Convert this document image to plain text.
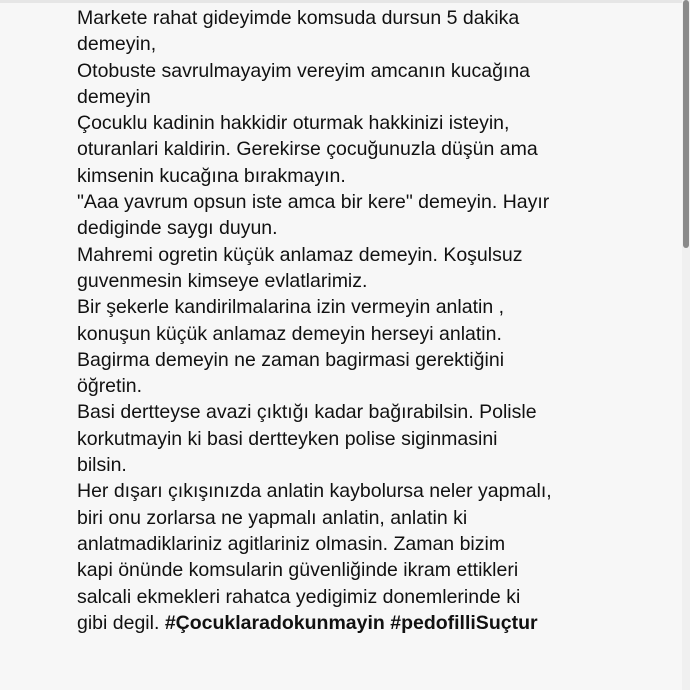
Markete rahat gideyimde komsuda dursun 5 dakika
demeyin,
Otobuste savrulmayayim vereyim amcanın kucağına
demeyin
Çocuklu kadinin hakkidir oturmak hakkinizi isteyin,
oturanlari kaldirin. Gerekirse çocuğunuzla düşün ama
kimsenin kucağına bırakmayın.
"Aaa yavrum opsun iste amca bir kere" demeyin. Hayır
dediginde saygı duyun.
Mahremi ogretin küçük anlamaz demeyin. Koşulsuz
guvenmesin kimseye evlatlarimiz.
Bir şekerle kandirilmalarina izin vermeyin anlatin ,
konuşun küçük anlamaz demeyin herseyi anlatin.
Bagirma demeyin ne zaman bagirmasi gerektiğini
öğretin.
Basi dertteyse avazi çıktığı kadar bağırabilsin. Polisle
korkutmayin ki basi dertteyken polise siginmasini
bilsin.
Her dışarı çıkışınızda anlatin kaybolursa neler yapmalı,
biri onu zorlarsa ne yapmalı anlatin, anlatin ki
anlatmadiklariniz agitlariniz olmasin. Zaman bizim
kapi önünde komsularin güvenliğinde ikram ettikleri
salcali ekmekleri rahatca yedigimiz donemlerinde ki
gibi degil. #Çocuklaradokunmayin #pedofilliSuçtur
